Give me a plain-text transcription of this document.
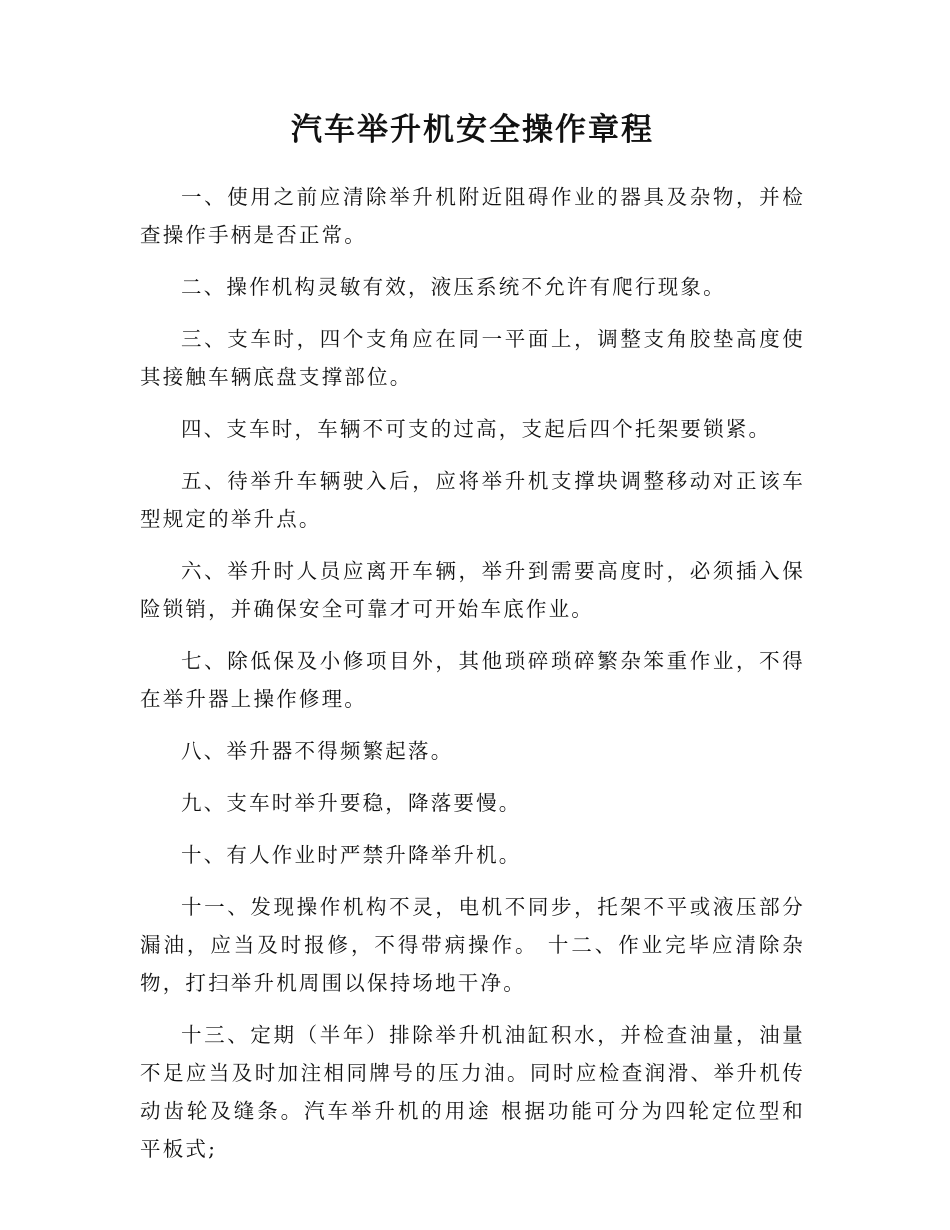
汽车举升机安全操作章程

一、使用之前应清除举升机附近阻碍作业的器具及杂物，并检查操作手柄是否正常。

二、操作机构灵敏有效，液压系统不允许有爬行现象。

三、支车时，四个支角应在同一平面上，调整支角胶垫高度使其接触车辆底盘支撑部位。

四、支车时，车辆不可支的过高，支起后四个托架要锁紧。

五、待举升车辆驶入后，应将举升机支撑块调整移动对正该车型规定的举升点。

六、举升时人员应离开车辆，举升到需要高度时，必须插入保险锁销，并确保安全可靠才可开始车底作业。

七、除低保及小修项目外，其他琐碎琐碎繁杂笨重作业，不得在举升器上操作修理。

八、举升器不得频繁起落。

九、支车时举升要稳，降落要慢。

十、有人作业时严禁升降举升机。

十一、发现操作机构不灵，电机不同步，托架不平或液压部分漏油，应当及时报修，不得带病操作。 十二、作业完毕应清除杂物，打扫举升机周围以保持场地干净。

十三、定期（半年）排除举升机油缸积水，并检查油量，油量不足应当及时加注相同牌号的压力油。同时应检查润滑、举升机传动齿轮及缝条。汽车举升机的用途 根据功能可分为四轮定位型和平板式;
